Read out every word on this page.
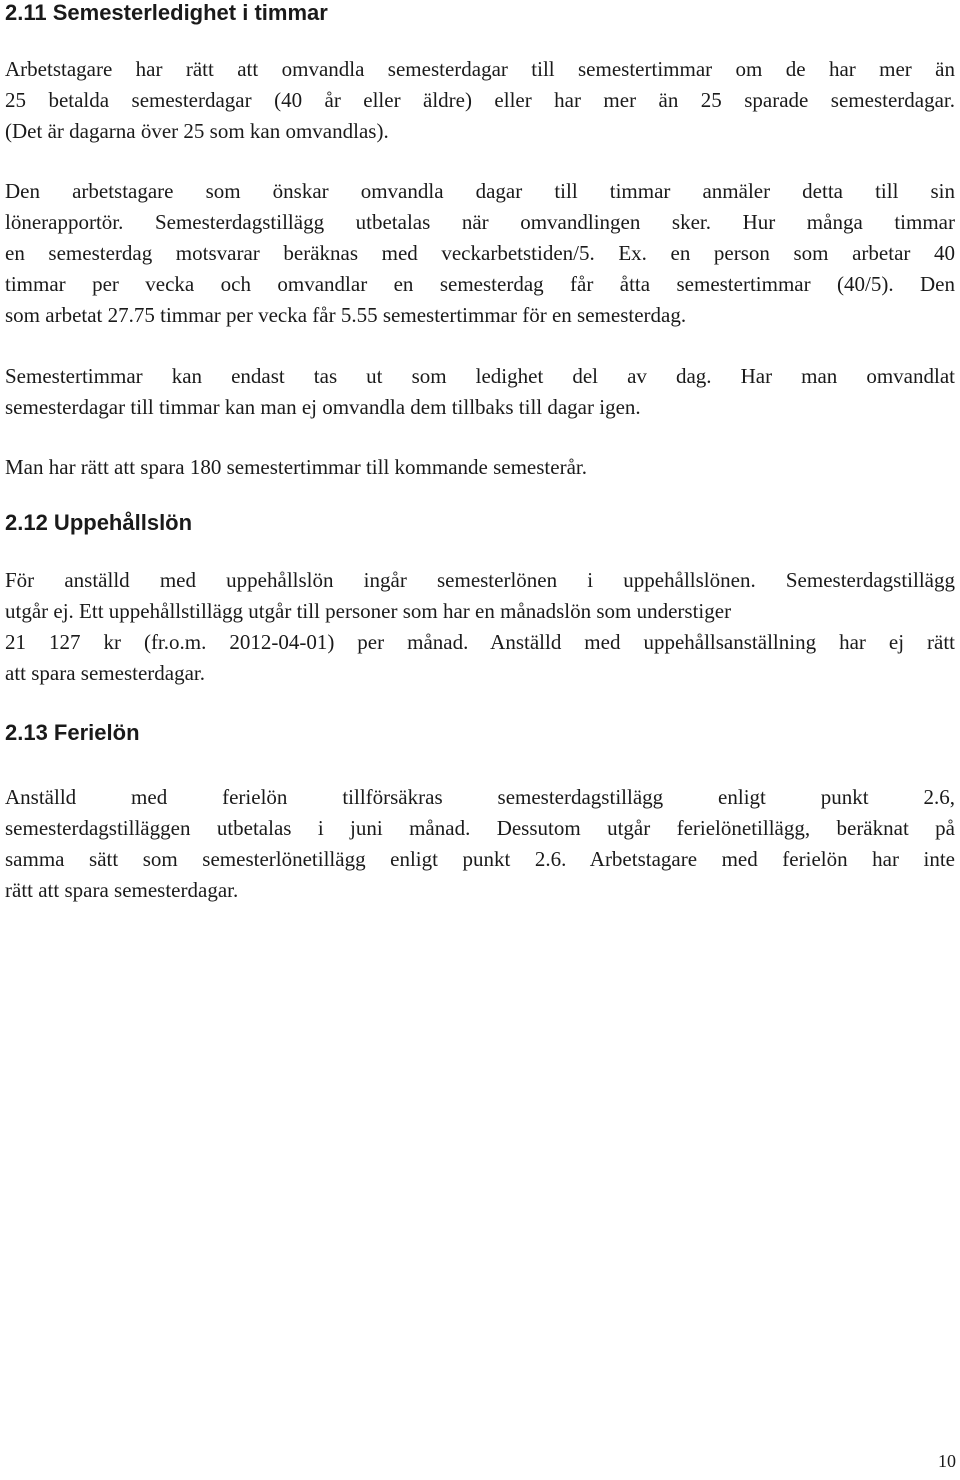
2.11 Semesterledighet i timmar

Arbetstagare har rätt att omvandla semesterdagar till semestertimmar om de har mer än

25 betalda semesterdagar (40 år eller äldre) eller har mer än 25 sparade semesterdagar.

(Det är dagarna över 25 som kan omvandlas).

Den arbetstagare som önskar omvandla dagar till timmar anmäler detta till sin

lönerapportör. Semesterdagstillägg utbetalas när omvandlingen sker. Hur många timmar

en semesterdag motsvarar beräknas med veckarbetstiden/5. Ex. en person som arbetar 40

timmar per vecka och omvandlar en semesterdag får åtta semestertimmar (40/5). Den

som arbetat 27.75 timmar per vecka får 5.55 semestertimmar för en semesterdag.

Semestertimmar kan endast tas ut som ledighet del av dag. Har man omvandlat

semesterdagar till timmar kan man ej omvandla dem tillbaks till dagar igen.

Man har rätt att spara 180 semestertimmar till kommande semesterår.

2.12 Uppehållslön

För anställd med uppehållslön ingår semesterlönen i uppehållslönen. Semesterdagstillägg

utgår ej. Ett uppehållstillägg utgår till personer som har en månadslön som understiger

21 127 kr (fr.o.m. 2012-04-01) per månad. Anställd med uppehållsanställning har ej rätt

att spara semesterdagar.

2.13 Ferielön

Anställd med ferielön tillförsäkras semesterdagstillägg enligt punkt 2.6,

semesterdagstilläggen utbetalas i juni månad. Dessutom utgår ferielönetillägg, beräknat på

samma sätt som semesterlönetillägg enligt punkt 2.6. Arbetstagare med ferielön har inte

rätt att spara semesterdagar.

10
